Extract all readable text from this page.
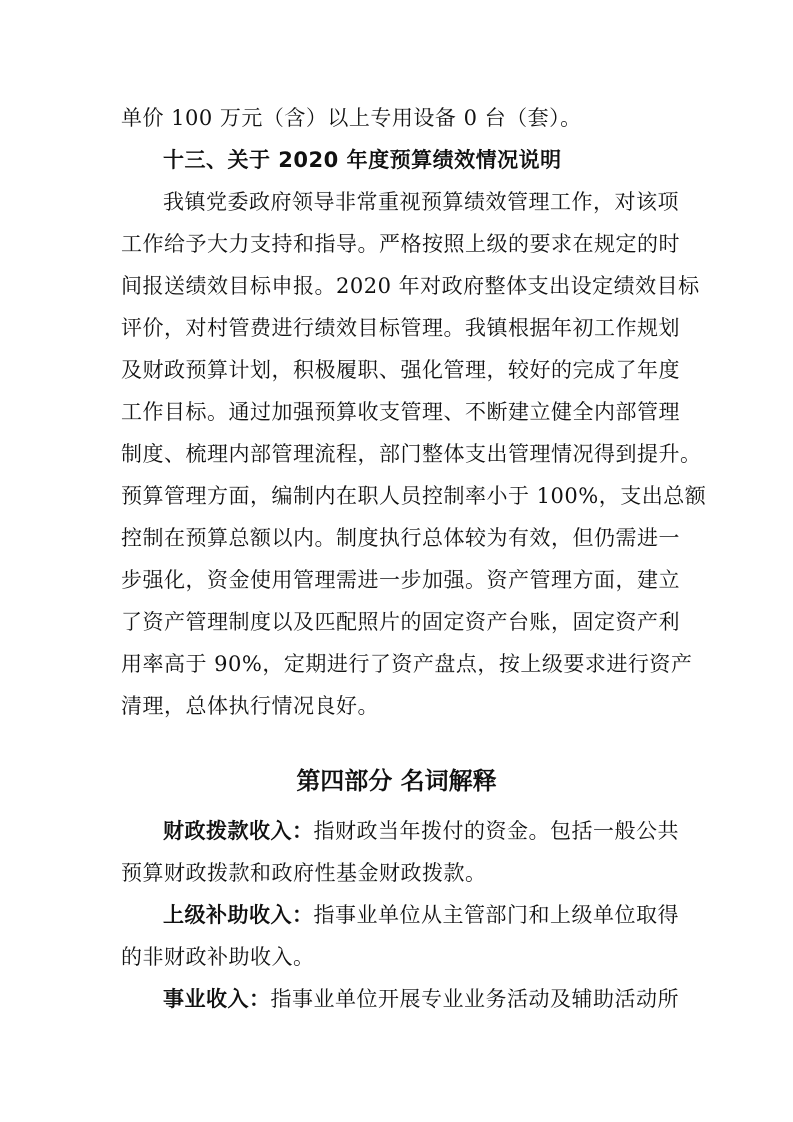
单价 100 万元（含）以上专用设备 0 台（套）。
十三、关于 2020 年度预算绩效情况说明
我镇党委政府领导非常重视预算绩效管理工作，对该项
工作给予大力支持和指导。严格按照上级的要求在规定的时
间报送绩效目标申报。2020 年对政府整体支出设定绩效目标
评价，对村管费进行绩效目标管理。我镇根据年初工作规划
及财政预算计划，积极履职、强化管理，较好的完成了年度
工作目标。通过加强预算收支管理、不断建立健全内部管理
制度、梳理内部管理流程，部门整体支出管理情况得到提升。
预算管理方面，编制内在职人员控制率小于 100%，支出总额
控制在预算总额以内。制度执行总体较为有效，但仍需进一
步强化，资金使用管理需进一步加强。资产管理方面，建立
了资产管理制度以及匹配照片的固定资产台账，固定资产利
用率高于 90%，定期进行了资产盘点，按上级要求进行资产
清理，总体执行情况良好。
第四部分 名词解释
财政拨款收入：指财政当年拨付的资金。包括一般公共
预算财政拨款和政府性基金财政拨款。
上级补助收入：指事业单位从主管部门和上级单位取得
的非财政补助收入。
事业收入：指事业单位开展专业业务活动及辅助活动所
